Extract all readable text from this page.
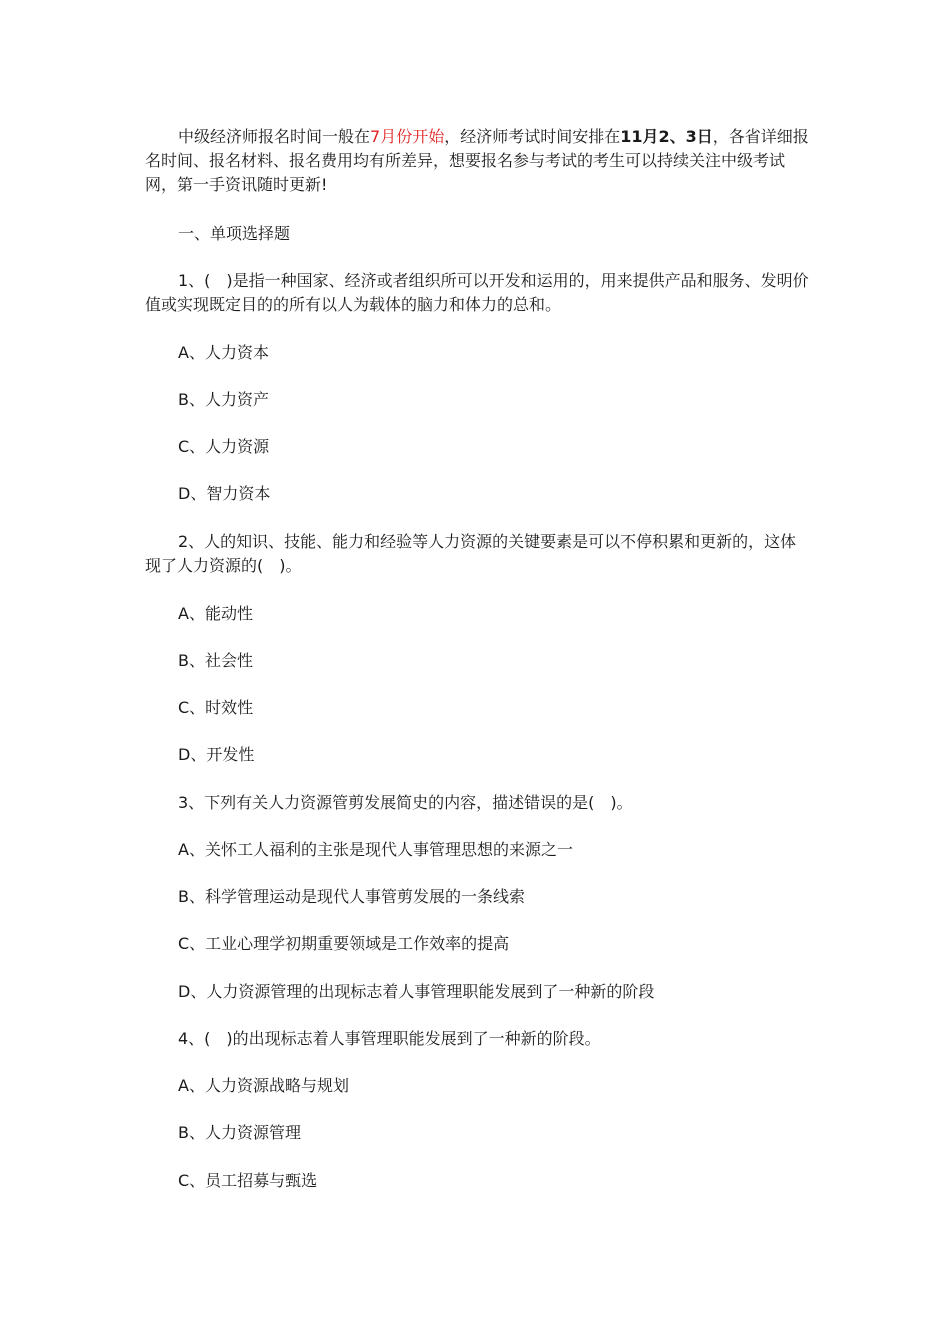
中级经济师报名时间一般在7月份开始，经济师考试时间安排在11月2、3日，各省详细报名时间、报名材料、报名费用均有所差异，想要报名参与考试的考生可以持续关注中级考试网，第一手资讯随时更新!

一、单项选择题

1、(　)是指一种国家、经济或者组织所可以开发和运用的，用来提供产品和服务、发明价值或实现既定目的的所有以人为载体的脑力和体力的总和。

A、人力资本

B、人力资产

C、人力资源

D、智力资本

2、人的知识、技能、能力和经验等人力资源的关键要素是可以不停积累和更新的，这体现了人力资源的(　)。

A、能动性

B、社会性

C、时效性

D、开发性

3、下列有关人力资源管剪发展简史的内容，描述错误的是(　)。

A、关怀工人福利的主张是现代人事管理思想的来源之一

B、科学管理运动是现代人事管剪发展的一条线索

C、工业心理学初期重要领域是工作效率的提高

D、人力资源管理的出现标志着人事管理职能发展到了一种新的阶段

4、(　)的出现标志着人事管理职能发展到了一种新的阶段。

A、人力资源战略与规划

B、人力资源管理

C、员工招募与甄选
